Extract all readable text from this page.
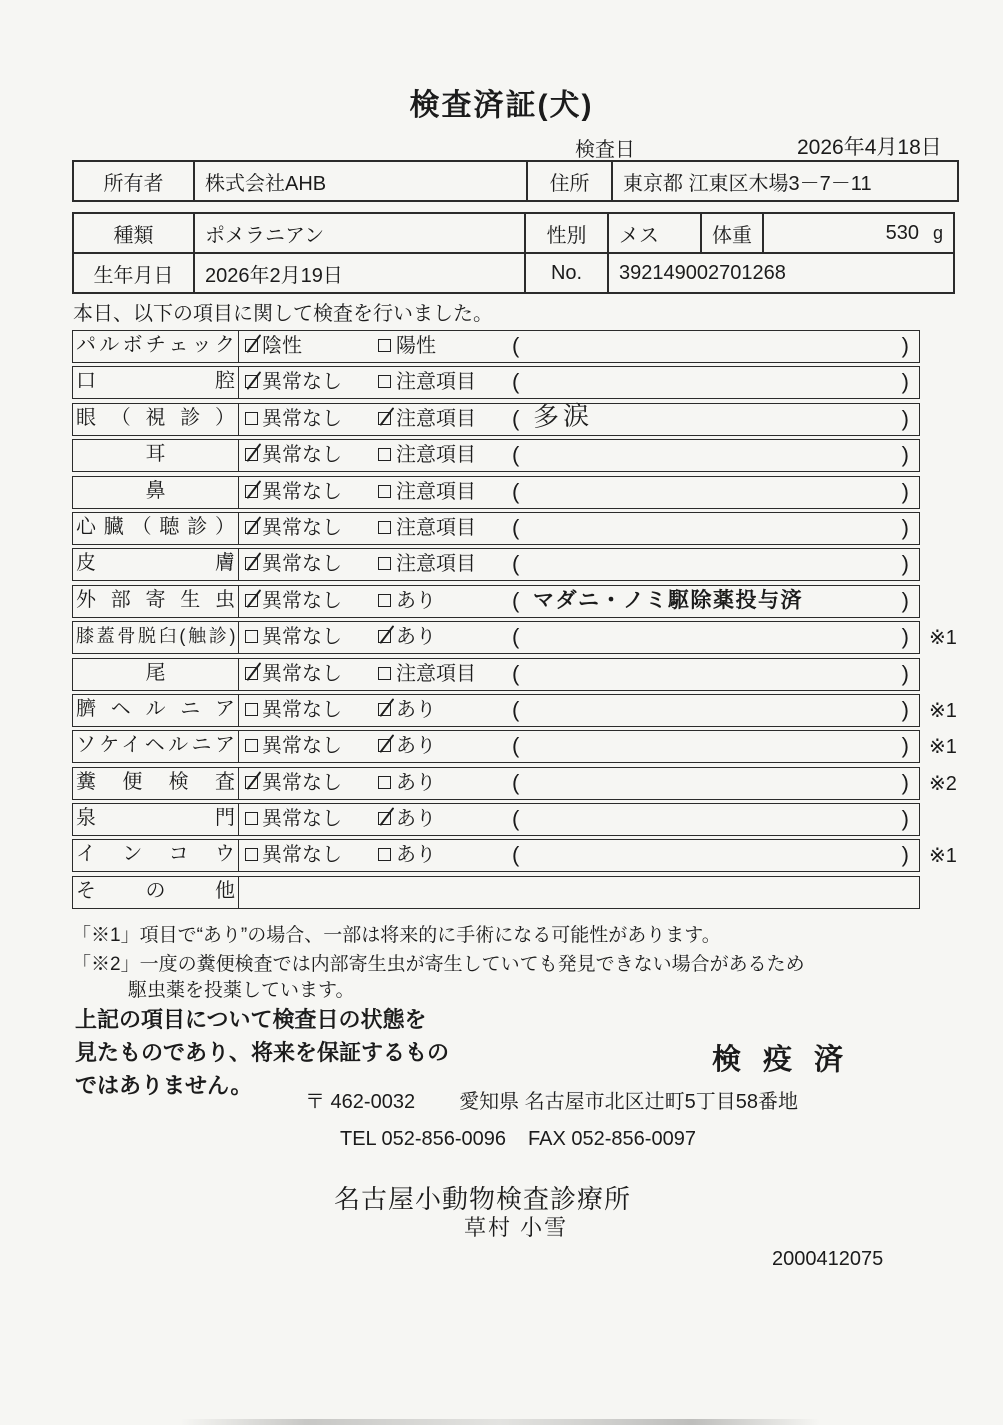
検査済証(犬)
検査日	2026年4月18日
所有者	株式会社AHB	住所	東京都 江東区木場3－7－11
種類	ポメラニアン	性別	メス	体重	530 g

生年月日	2026年2月19日	No.	392149002701268		
本日、以下の項目に関して検査を行いました。
パルボチェック 陰性	陽性	(	)
口腔 異常なし	注意項目 (	)
眼（視診） 異常なし	注意項目 ( 多涙	)
耳	異常なし	注意項目 (	)
鼻	異常なし	注意項目 (	)
心臓（聴診） 異常なし	注意項目 (	)
皮膚 異常なし	注意項目 (	)
外部寄生虫 異常なし	あり	( マダニ・ノミ駆除薬投与済	)
膝蓋骨脱臼(触診) 異常なし	あり	(	) ※1
尾	異常なし	注意項目 (	)
臍ヘルニア 異常なし	あり	(	) ※1
ソケイヘルニア 異常なし	あり	(	) ※1
糞便検査 異常なし	あり	(	) ※2
泉門 異常なし	あり	(	)
インコウ 異常なし	あり	(	) ※1
その他
「※1」項目で“あり”の場合、一部は将来的に手術になる可能性があります。
「※2」一度の糞便検査では内部寄生虫が寄生していても発見できない場合があるため
駆虫薬を投薬しています。
上記の項目について検査日の状態を
見たものであり、将来を保証するもの
ではありません。
検疫済
〒 462-0032 愛知県 名古屋市北区辻町5丁目58番地
TEL 052-856-0096 FAX 052-856-0097
名古屋小動物検査診療所
草村 小雪
2000412075
